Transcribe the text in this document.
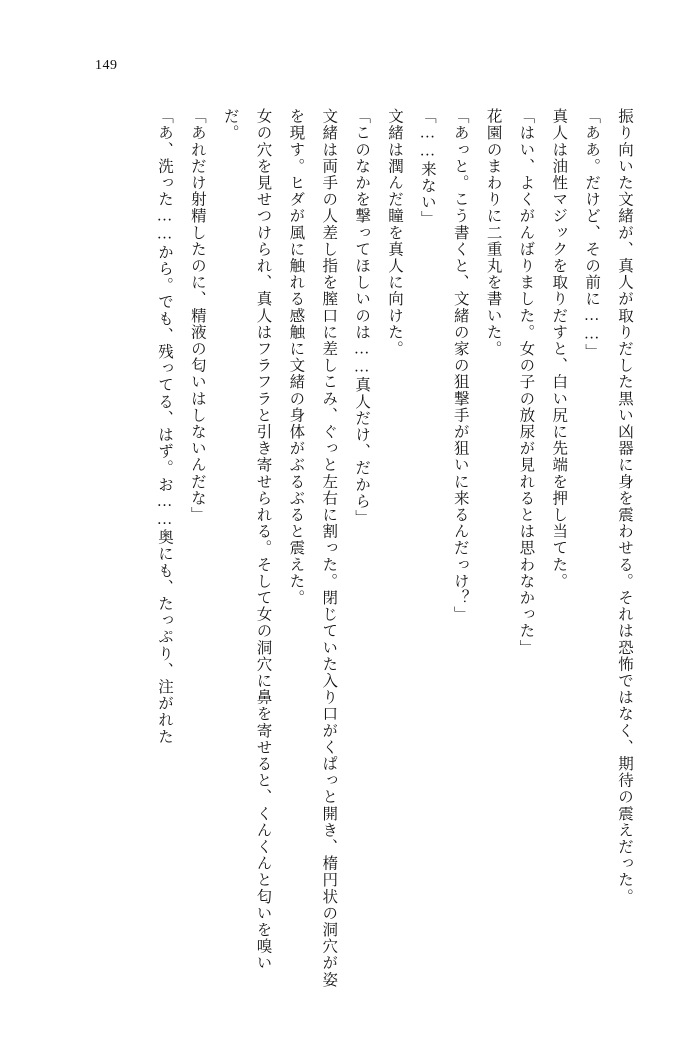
149

振り向いた文緒が、真人が取りだした黒い凶器に身を震わせる。それは恐怖ではなく、期待の震えだった。

「ああ。だけど、その前に……」

真人は油性マジックを取りだすと、白い尻に先端を押し当てた。

「はい、よくがんばりました。女の子の放尿が見れるとは思わなかった」

花園のまわりに二重丸を書いた。

「あっと。こう書くと、文緒の家の狙撃手が狙いに来るんだっけ？」

「……来ない」

文緒は潤んだ瞳を真人に向けた。

「このなかを撃ってほしいのは……真人だけ、だから」

文緒は両手の人差し指を膣口に差しこみ、ぐっと左右に割った。閉じていた入り口がくぱっと開き、楕円状の洞穴が姿を現す。ヒダが風に触れる感触に文緒の身体がぶるぶると震えた。

女の穴を見せつけられ、真人はフラフラと引き寄せられる。そして女の洞穴に鼻を寄せると、くんくんと匂いを嗅いだ。

「あれだけ射精したのに、精液の匂いはしないんだな」

「あ、洗った……から。でも、残ってる、はず。お……奥にも、たっぷり、注がれた
